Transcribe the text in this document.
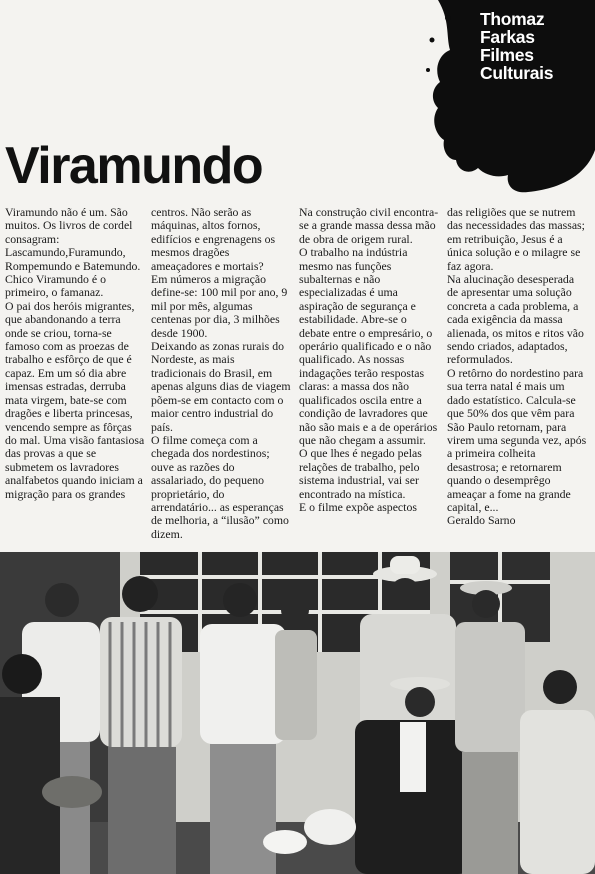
Thomaz
Farkas
Filmes
Culturais
Viramundo

Viramundo não é um. São muitos. Os livros de cordel consagram: Lascamundo,Furamundo, Rompemundo e Batemundo. Chico Viramundo é o primeiro, o famanaz.

O pai dos heróis migrantes, que abandonando a terra onde se criou, torna-se famoso com as proezas de trabalho e esfôrço de que é capaz. Em um só dia abre imensas estradas, derruba mata virgem, bate-se com dragões e liberta princesas, vencendo sempre as fôrças do mal. Uma visão fantasiosa das provas a que se submetem os lavradores analfabetos quando iniciam a migração para os grandes

centros. Não serão as máquinas, altos fornos, edifícios e engrenagens os mesmos dragões ameaçadores e mortais?

Em números a migração define-se: 100 mil por ano, 9 mil por mês, algumas centenas por dia, 3 milhões desde 1900.

Deixando as zonas rurais do Nordeste, as mais tradicionais do Brasil, em apenas alguns dias de viagem põem-se em contacto com o maior centro industrial do país.

O filme começa com a chegada dos nordestinos; ouve as razões do assalariado, do pequeno proprietário, do arrendatário... as esperanças de melhoria, a “ilusão” como dizem.

Na construção civil encontra-se a grande massa dessa mão de obra de origem rural.

O trabalho na indústria mesmo nas funções subalternas e não especializadas é uma aspiração de segurança e estabilidade. Abre-se o debate entre o empresário, o operário qualificado e o não qualificado. As nossas indagações terão respostas claras: a massa dos não qualificados oscila entre a condição de lavradores que não são mais e a de operários que não chegam a assumir.

O que lhes é negado pelas relações de trabalho, pelo sistema industrial, vai ser encontrado na mística.

E o filme expõe aspectos

das religiões que se nutrem das necessidades das massas; em retribuição, Jesus é a única solução e o milagre se faz agora.

Na alucinação desesperada de apresentar uma solução concreta a cada problema, a cada exigência da massa alienada, os mitos e ritos vão sendo criados, adaptados, reformulados.

O retôrno do nordestino para sua terra natal é mais um dado estatístico. Calcula-se que 50% dos que vêm para São Paulo retornam, para virem uma segunda vez, após a primeira colheita desastrosa; e retornarem quando o desemprêgo ameaçar a fome na grande capital, e...

Geraldo Sarno
